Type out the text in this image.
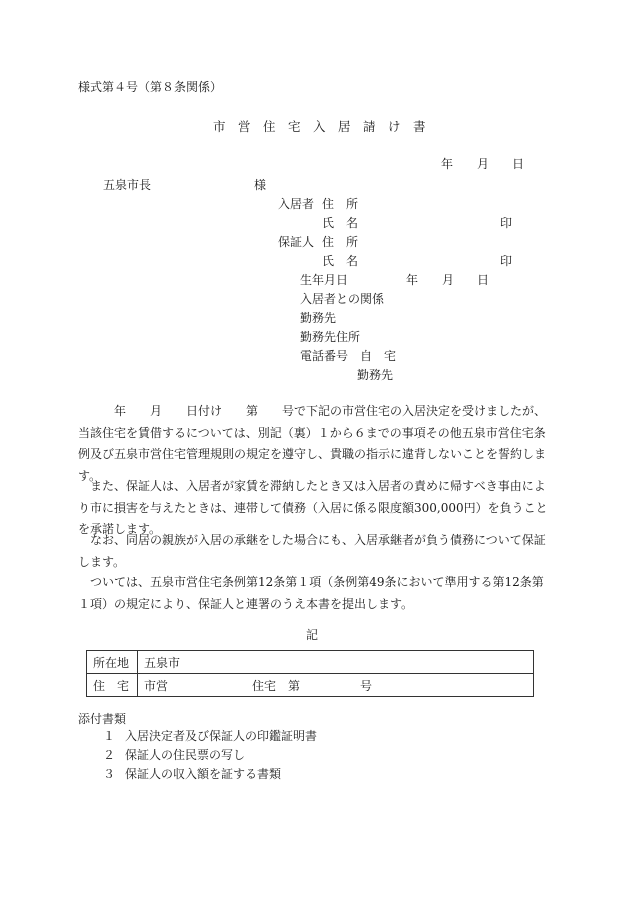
様式第４号（第８条関係）
市　営　住　宅　入　居　請　け　書
年 月 日
五泉市長	様
入居者 住　所
氏　名	印
保証人 住　所
氏　名	印
生年月日	年 月 日
入居者との関係
勤務先
勤務先住所
電話番号 自　宅
勤務先
　　　年　　月　　日付け　　第　　号で下記の市営住宅の入居決定を受けましたが、当該住宅を賃借するについては、別記（裏）１から６までの事項その他五泉市営住宅条例及び五泉市営住宅管理規則の規定を遵守し、貴職の指示に違背しないことを誓約します。
　また、保証人は、入居者が家賃を滞納したとき又は入居者の責めに帰すべき事由により市に損害を与えたときは、連帯して債務（入居に係る限度額300,000円）を負うことを承諾します。
　なお、同居の親族が入居の承継をした場合にも、入居承継者が負う債務について保証します。
　ついては、五泉市営住宅条例第12条第１項（条例第49条において準用する第12条第１項）の規定により、保証人と連署のうえ本書を提出します。
記
所在地	五泉市
住　宅	市営　　　　　　　住宅　第　　　　　号
添付書類
１ 入居決定者及び保証人の印鑑証明書
２ 保証人の住民票の写し
３ 保証人の収入額を証する書類
